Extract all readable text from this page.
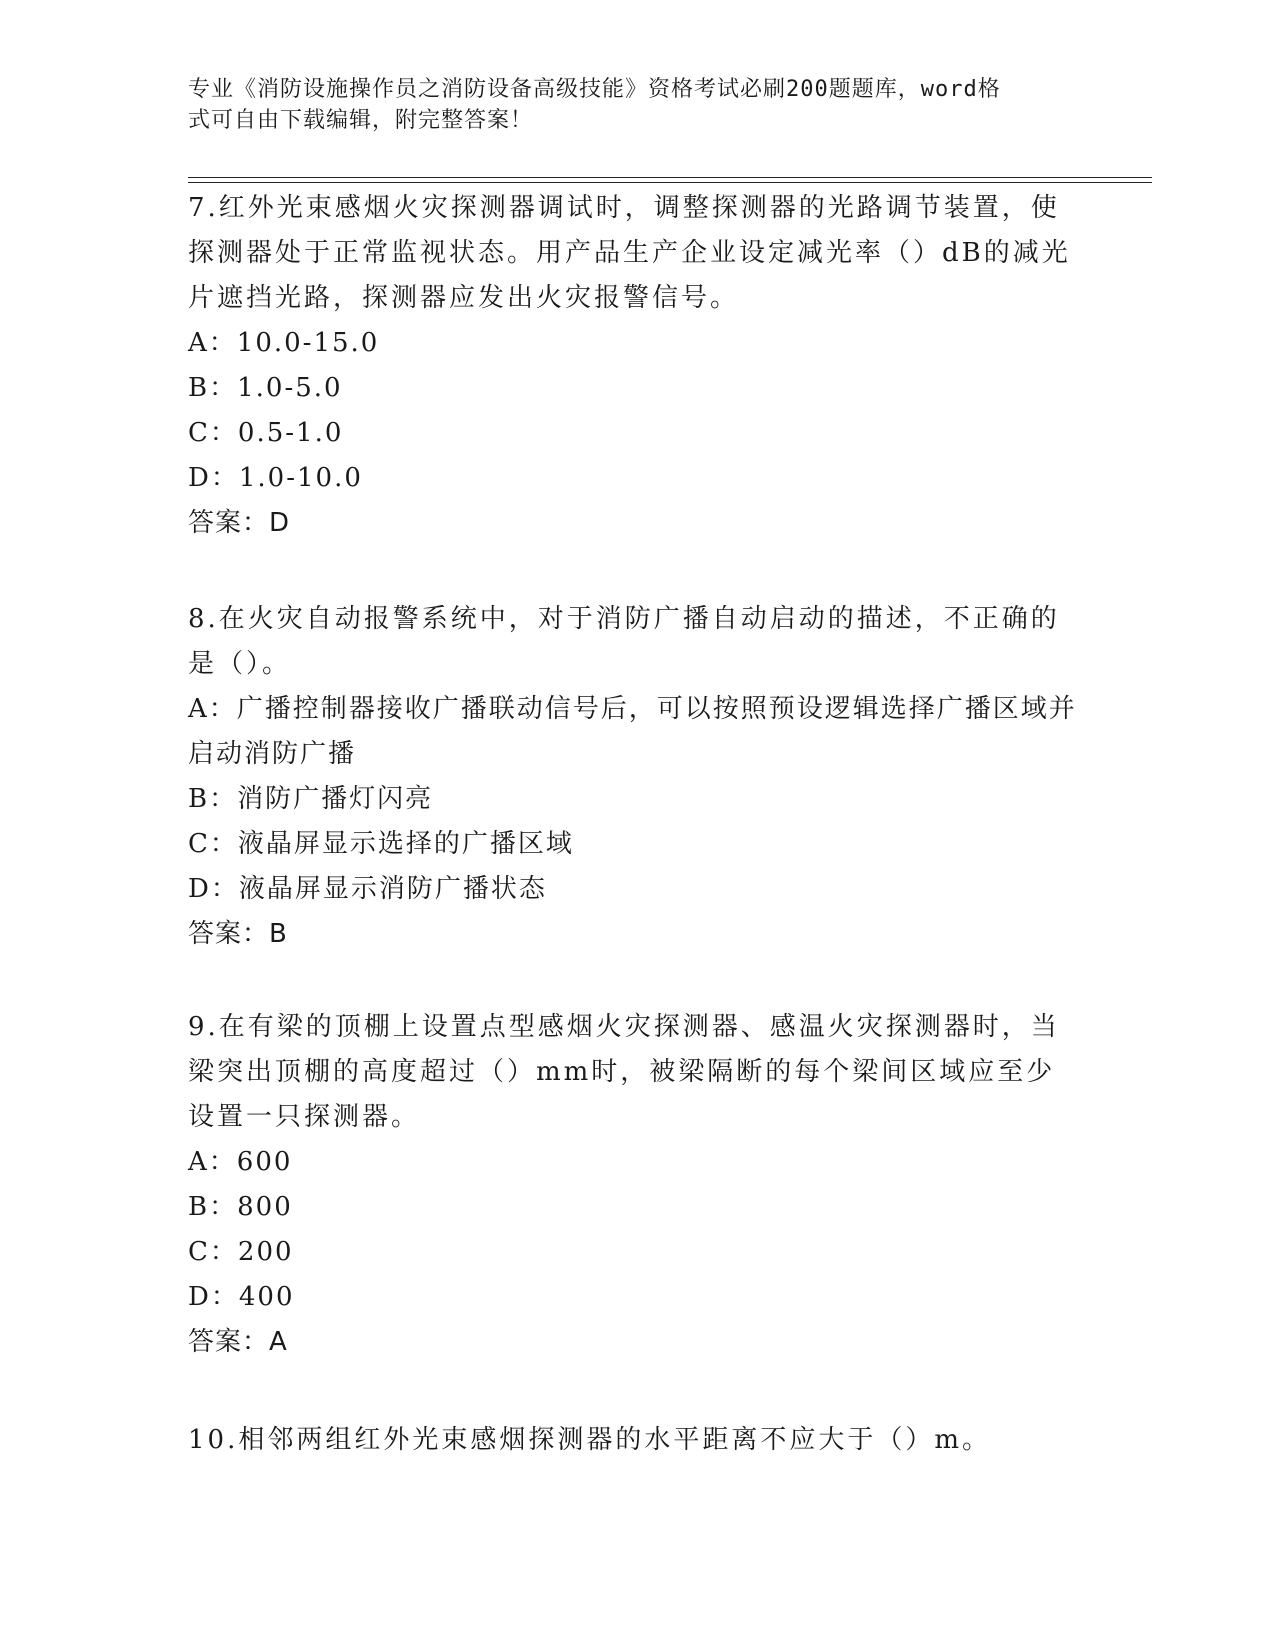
专业《消防设施操作员之消防设备高级技能》资格考试必刷200题题库，word格
式可自由下载编辑，附完整答案！

7.红外光束感烟火灾探测器调试时，调整探测器的光路调节装置，使探测器处于正常监视状态。用产品生产企业设定减光率（）dB的减光片遮挡光路，探测器应发出火灾报警信号。

A：10.0-15.0

B：1.0-5.0

C：0.5-1.0

D：1.0-10.0

答案：D

8.在火灾自动报警系统中，对于消防广播自动启动的描述，不正确的是（）。

A：广播控制器接收广播联动信号后，可以按照预设逻辑选择广播区域并启动消防广播

B：消防广播灯闪亮

C：液晶屏显示选择的广播区域

D：液晶屏显示消防广播状态

答案：B

9.在有梁的顶棚上设置点型感烟火灾探测器、感温火灾探测器时，当梁突出顶棚的高度超过（）mm时，被梁隔断的每个梁间区域应至少设置一只探测器。

A：600

B：800

C：200

D：400

答案：A

10.相邻两组红外光束感烟探测器的水平距离不应大于（）m。
